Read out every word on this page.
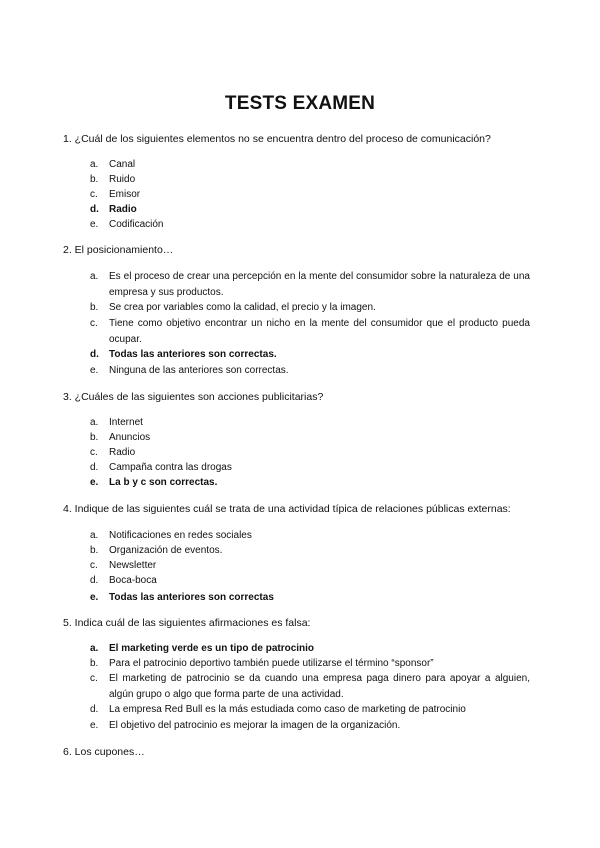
TESTS EXAMEN
1. ¿Cuál de los siguientes elementos no se encuentra dentro del proceso de comunicación?
a.	Canal
b.	Ruido
c.	Emisor
d.	Radio
e.	Codificación
2. El posicionamiento…
a.	Es el proceso de crear una percepción en la mente del consumidor sobre la naturaleza de una empresa y sus productos.
b.	Se crea por variables como la calidad, el precio y la imagen.
c.	Tiene como objetivo encontrar un nicho en la mente del consumidor que el producto pueda ocupar.
d.	Todas las anteriores son correctas.
e.	Ninguna de las anteriores son correctas.
3. ¿Cuáles de las siguientes son acciones publicitarias?
a.	Internet
b.	Anuncios
c.	Radio
d.	Campaña contra las drogas
e.	La b y c son correctas.
4. Indique de las siguientes cuál se trata de una actividad típica de relaciones públicas externas:
a.	Notificaciones en redes sociales
b.	Organización de eventos.
c.	Newsletter
d.	Boca-boca
e.	Todas las anteriores son correctas
5. Indica cuál de las siguientes afirmaciones es falsa:
a.	El marketing verde es un tipo de patrocinio
b.	Para el patrocinio deportivo también puede utilizarse el término “sponsor”
c.	El marketing de patrocinio se da cuando una empresa paga dinero para apoyar a alguien, algún grupo o algo que forma parte de una actividad.
d.	La empresa Red Bull es la más estudiada como caso de marketing de patrocinio
e.	El objetivo del patrocinio es mejorar la imagen de la organización.
6. Los cupones…
